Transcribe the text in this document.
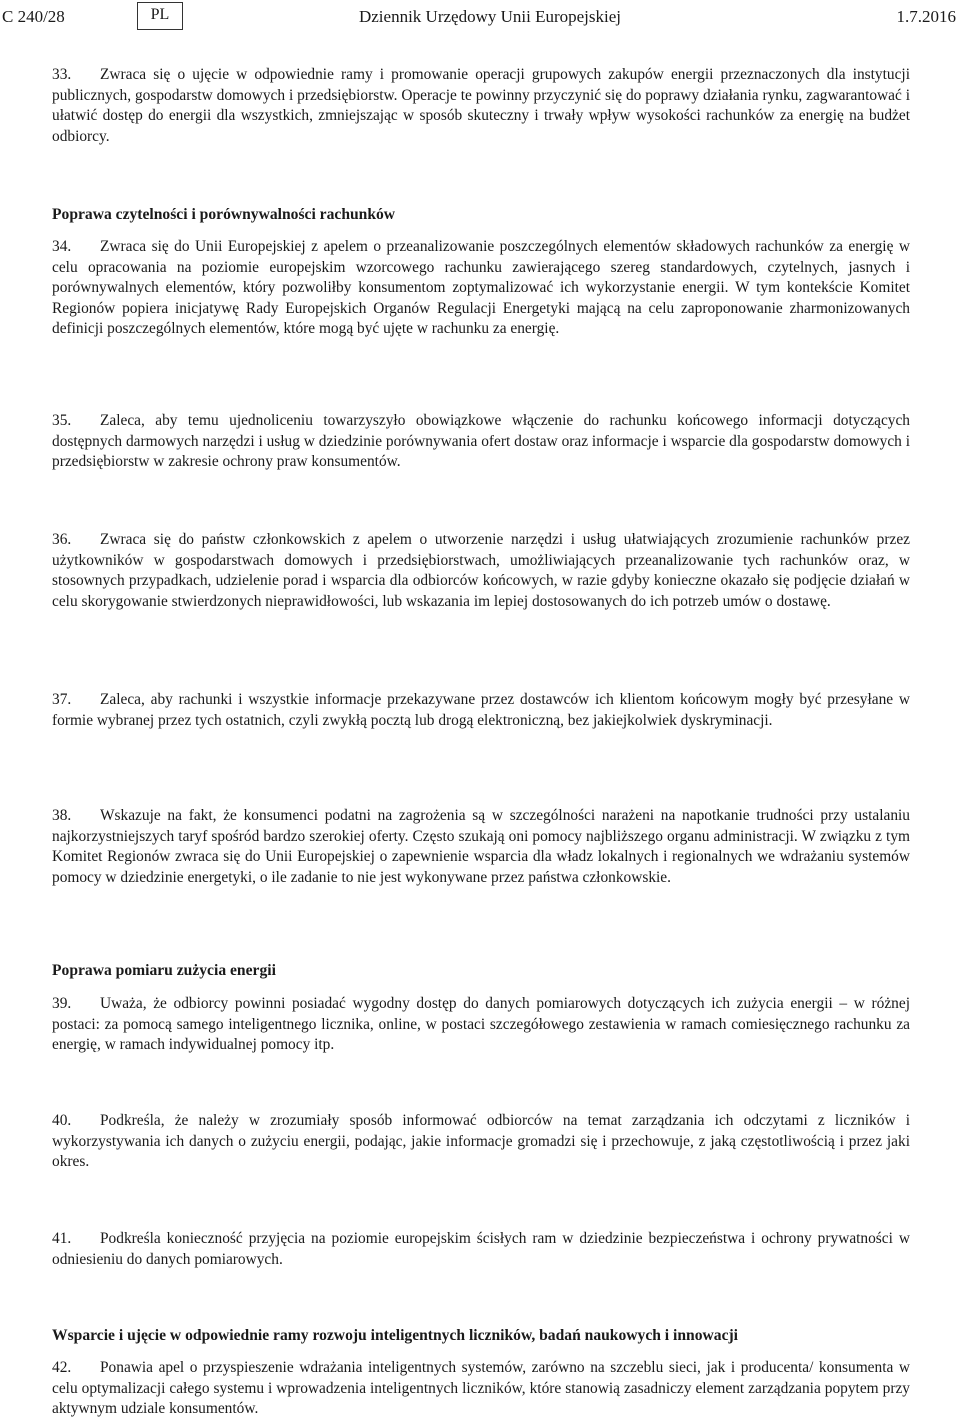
C 240/28	PL	Dziennik Urzędowy Unii Europejskiej	1.7.2016

33. Zwraca się o ujęcie w odpowiednie ramy i promowanie operacji grupowych zakupów energii przeznaczonych dla instytucji publicznych, gospodarstw domowych i przedsiębiorstw. Operacje te powinny przyczynić się do poprawy działania rynku, zagwarantować i ułatwić dostęp do energii dla wszystkich, zmniejszając w sposób skuteczny i trwały wpływ wysokości rachunków za energię na budżet odbiorcy.

Poprawa czytelności i porównywalności rachunków

34. Zwraca się do Unii Europejskiej z apelem o przeanalizowanie poszczególnych elementów składowych rachunków za energię w celu opracowania na poziomie europejskim wzorcowego rachunku zawierającego szereg standardowych, czytelnych, jasnych i porównywalnych elementów, który pozwoliłby konsumentom zoptymalizować ich wykorzystanie energii. W tym kontekście Komitet Regionów popiera inicjatywę Rady Europejskich Organów Regulacji Energetyki mającą na celu zaproponowanie zharmonizowanych definicji poszczególnych elementów, które mogą być ujęte w rachunku za energię.

35. Zaleca, aby temu ujednoliceniu towarzyszyło obowiązkowe włączenie do rachunku końcowego informacji dotyczących dostępnych darmowych narzędzi i usług w dziedzinie porównywania ofert dostaw oraz informacje i wsparcie dla gospodarstw domowych i przedsiębiorstw w zakresie ochrony praw konsumentów.

36. Zwraca się do państw członkowskich z apelem o utworzenie narzędzi i usług ułatwiających zrozumienie rachunków przez użytkowników w gospodarstwach domowych i przedsiębiorstwach, umożliwiających przeanalizowanie tych rachunków oraz, w stosownych przypadkach, udzielenie porad i wsparcia dla odbiorców końcowych, w razie gdyby konieczne okazało się podjęcie działań w celu skorygowanie stwierdzonych nieprawidłowości, lub wskazania im lepiej dostosowanych do ich potrzeb umów o dostawę.

37. Zaleca, aby rachunki i wszystkie informacje przekazywane przez dostawców ich klientom końcowym mogły być przesyłane w formie wybranej przez tych ostatnich, czyli zwykłą pocztą lub drogą elektroniczną, bez jakiejkolwiek dyskryminacji.

38. Wskazuje na fakt, że konsumenci podatni na zagrożenia są w szczególności narażeni na napotkanie trudności przy ustalaniu najkorzystniejszych taryf spośród bardzo szerokiej oferty. Często szukają oni pomocy najbliższego organu administracji. W związku z tym Komitet Regionów zwraca się do Unii Europejskiej o zapewnienie wsparcia dla władz lokalnych i regionalnych we wdrażaniu systemów pomocy w dziedzinie energetyki, o ile zadanie to nie jest wykonywane przez państwa członkowskie.

Poprawa pomiaru zużycia energii

39. Uważa, że odbiorcy powinni posiadać wygodny dostęp do danych pomiarowych dotyczących ich zużycia energii – w różnej postaci: za pomocą samego inteligentnego licznika, online, w postaci szczegółowego zestawienia w ramach comiesięcznego rachunku za energię, w ramach indywidualnej pomocy itp.

40. Podkreśla, że należy w zrozumiały sposób informować odbiorców na temat zarządzania ich odczytami z liczników i wykorzystywania ich danych o zużyciu energii, podając, jakie informacje gromadzi się i przechowuje, z jaką częstotliwością i przez jaki okres.

41. Podkreśla konieczność przyjęcia na poziomie europejskim ścisłych ram w dziedzinie bezpieczeństwa i ochrony prywatności w odniesieniu do danych pomiarowych.

Wsparcie i ujęcie w odpowiednie ramy rozwoju inteligentnych liczników, badań naukowych i innowacji

42. Ponawia apel o przyspieszenie wdrażania inteligentnych systemów, zarówno na szczeblu sieci, jak i producenta/ konsumenta w celu optymalizacji całego systemu i wprowadzenia inteligentnych liczników, które stanowią zasadniczy element zarządzania popytem przy aktywnym udziale konsumentów.
